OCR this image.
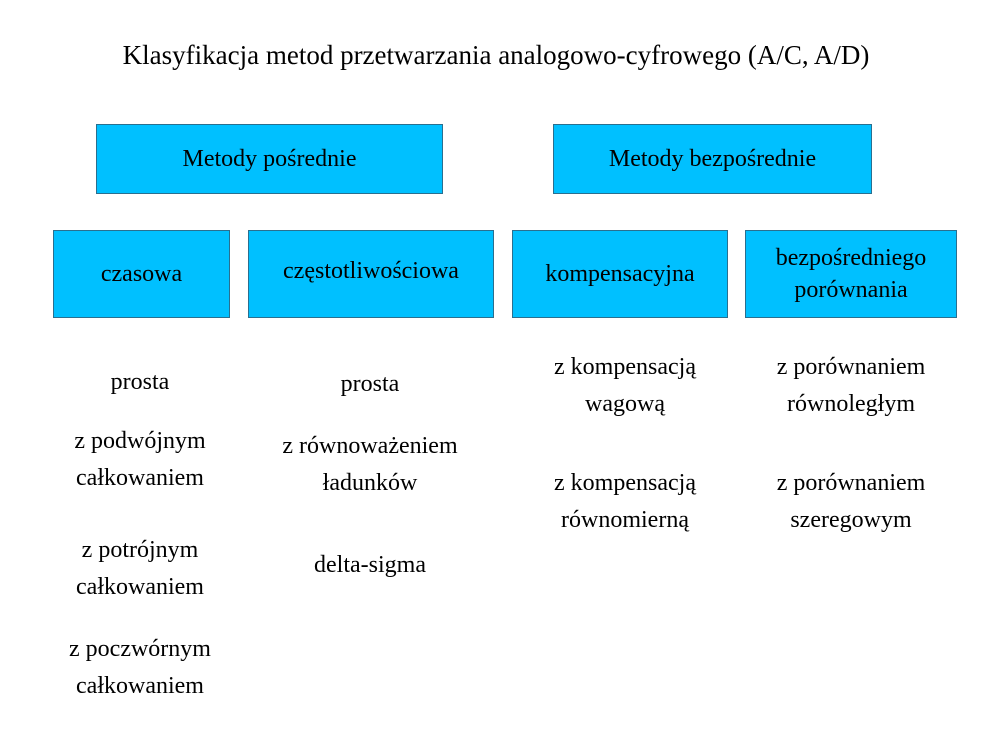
Klasyfikacja metod przetwarzania analogowo-cyfrowego (A/C, A/D)
Metody pośrednie	Metody bezpośrednie
czasowa	częstotliwościowa	kompensacyjna
bezpośredniego
porównania
prosta
z podwójnym
całkowaniem
z potrójnym
całkowaniem
z poczwórnym
całkowaniem
prosta
z równoważeniem
ładunków
delta-sigma
z kompensacją
wagową
z kompensacją
równomierną
z porównaniem
równoległym
z porównaniem
szeregowym
